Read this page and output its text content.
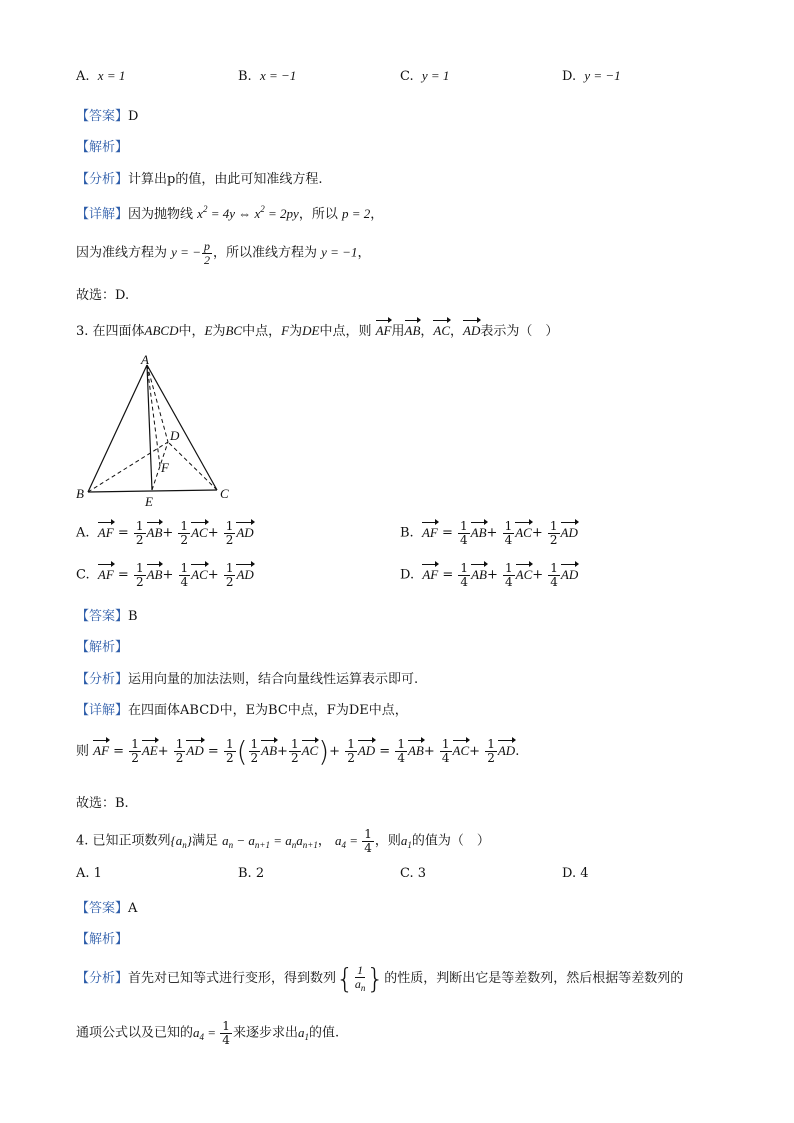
A. x = 1	B. x = −1	C. y = 1	D. y = −1
【答案】D
【解析】
【分析】计算出p的值，由此可知准线方程.
【详解】因为抛物线 $x^2 = 4y$ ⇔ $x^2 = 2py$，所以 p = 2，
因为准线方程为 y = − $\frac{p}{2}$ ，所以准线方程为 y = −1，
故选：D.
3. 在四面体ABCD中，E为BC中点，F为DE中点，则 AF用AB，AC，AD表示为（　）
A
B	C
D
E
F
A. AF = $\frac{1}{2} AB+ \frac{1}{2} AC+ \frac{1}{2}$ AD	B. AF = $\frac{1}{4} AB+ \frac{1}{4} AC+ \frac{1}{2}$ AD
C. AF = $\frac{1}{2} AB+ \frac{1}{4} AC+ \frac{1}{2}$ AD	D. AF = $\frac{1}{4} AB+ \frac{1}{4} AC+ \frac{1}{4}$ AD
【答案】B
【解析】
【分析】运用向量的加法法则，结合向量线性运算表示即可.
【详解】在四面体ABCD中，E为BC中点，F为DE中点，
则 AF = $\frac{1}{2} AE+ \frac{1}{2}$ AD = $\frac{1}{2}$ ( $\frac{1}{2} AB+ \frac{1}{2} AC)+ \frac{1}{2}$ AD = $\frac{1}{4} AB+ \frac{1}{4} AC+ \frac{1}{2}$ AD.
故选：B.
4. 已知正项数列$\{a_n\}$满足 $a_n - a_{n+1} = a_na_{n+1}$， $a_4 = \frac{1}{4}$ ，则$a_1$的值为（　）
A. 1	B. 2	C. 3	D. 4
【答案】A
【解析】
【分析】首先对已知等式进行变形，得到数列{ $\frac{1}{a_n}$ }的性质，判断出它是等差数列，然后根据等差数列的
通项公式以及已知的$a_4 = \frac{1}{4}$ 来逐步求出$a_1$的值.
